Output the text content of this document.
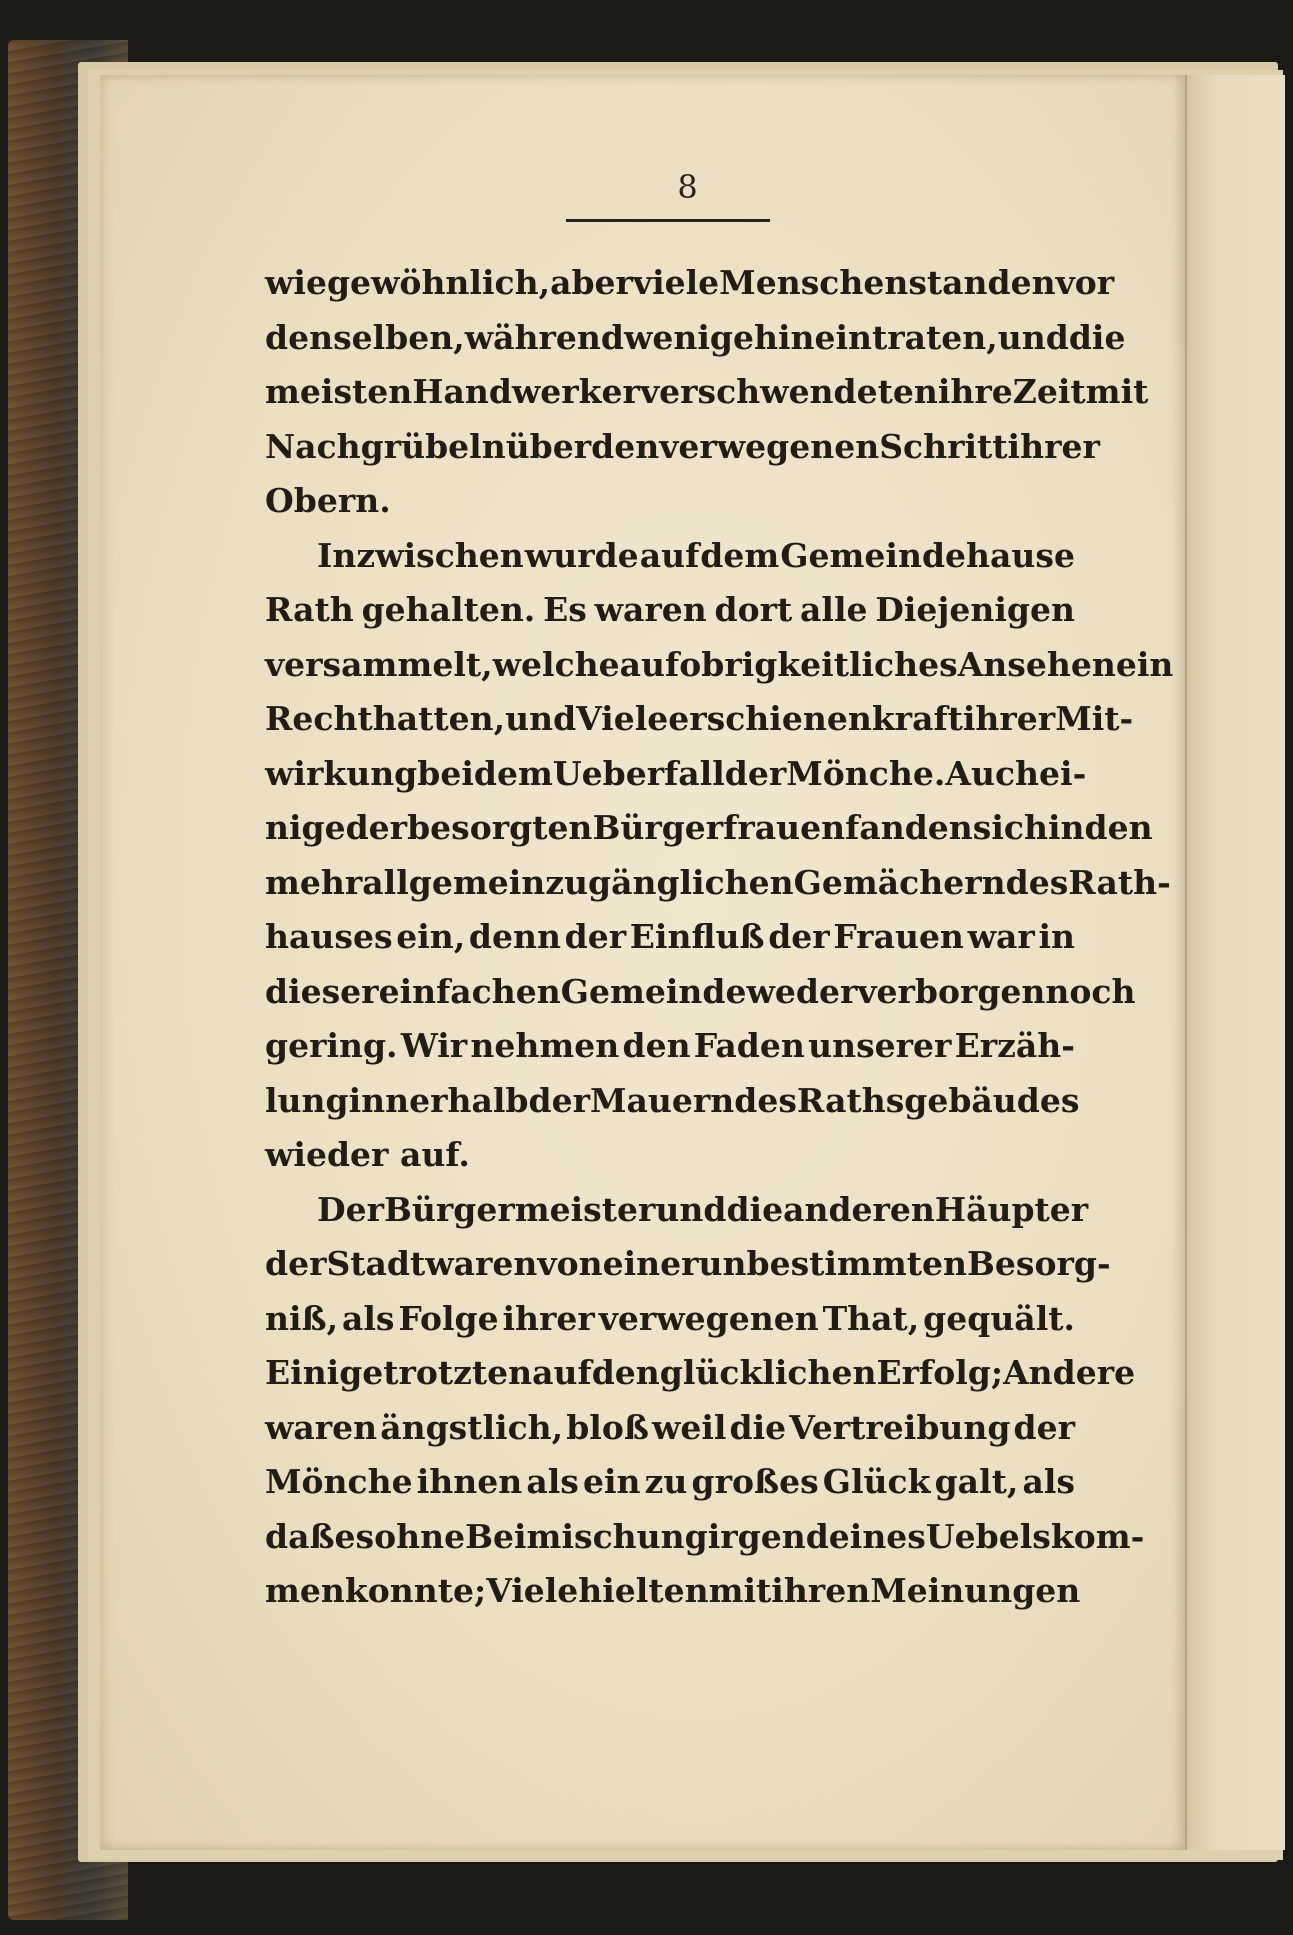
8
wie gewöhnlich, aber viele Menschen standen vor
denselben, während wenige hineintraten, und die
meisten Handwerker verschwendeten ihre Zeit mit
Nachgrübeln über den verwegenen Schritt ihrer
Obern.
Inzwischen wurde auf dem Gemeindehause
Rath gehalten. Es waren dort alle Diejenigen
versammelt, welche auf obrigkeitliches Ansehen ein
Recht hatten, und Viele erschienen kraft ihrer Mit-
wirkung bei dem Ueberfall der Mönche. Auch ei-
nige der besorgten Bürgerfrauen fanden sich in den
mehr allgemein zugänglichen Gemächern des Rath-
hauses ein, denn der Einfluß der Frauen war in
dieser einfachen Gemeinde weder verborgen noch
gering. Wir nehmen den Faden unserer Erzäh-
lung innerhalb der Mauern des Rathsgebäudes
wieder auf.
Der Bürgermeister und die anderen Häupter
der Stadt waren von einer unbestimmten Besorg-
niß, als Folge ihrer verwegenen That, gequält.
Einige trotzten auf den glücklichen Erfolg; Andere
waren ängstlich, bloß weil die Vertreibung der
Mönche ihnen als ein zu großes Glück galt, als
daß es ohne Beimischung irgend eines Uebels kom-
men konnte; Viele hielten mit ihren Meinungen
